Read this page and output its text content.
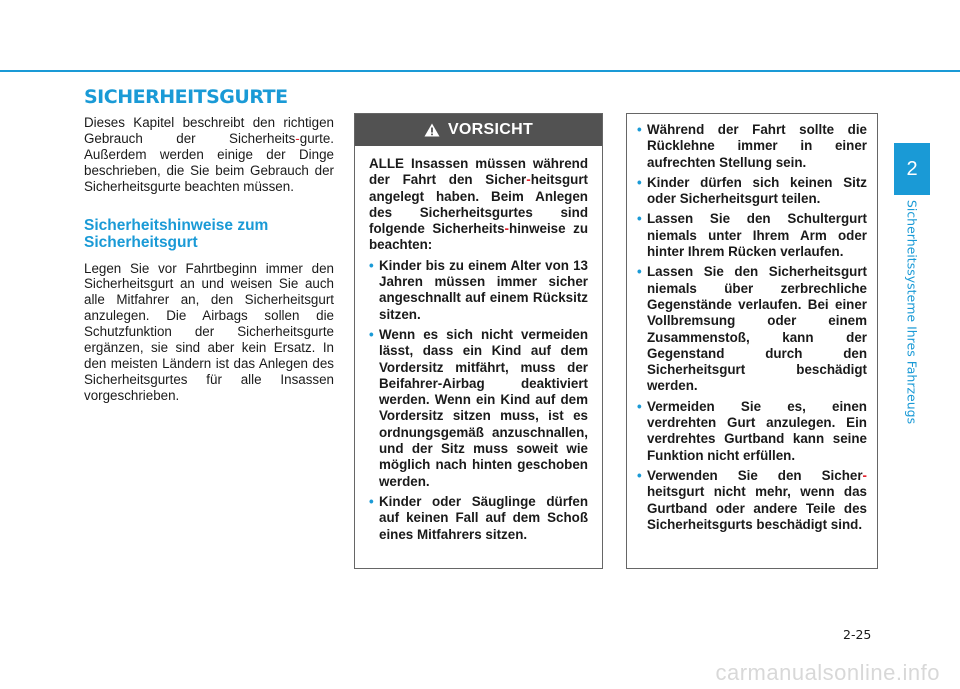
SICHERHEITSGURTE
2
Sicherheitssysteme Ihres Fahrzeugs

Dieses Kapitel beschreibt den richtigen Gebrauch der Sicherheits-gurte. Außerdem werden einige der Dinge beschrieben, die Sie beim Gebrauch der Sicherheitsgurte beachten müssen.

Sicherheitshinweise zum Sicherheitsgurt

Legen Sie vor Fahrtbeginn immer den Sicherheitsgurt an und weisen Sie auch alle Mitfahrer an, den Sicherheitsgurt anzulegen. Die Airbags sollen die Schutzfunktion der Sicherheitsgurte ergänzen, sie sind aber kein Ersatz. In den meisten Ländern ist das Anlegen des Sicherheitsgurtes für alle Insassen vorgeschrieben.

VORSICHT

ALLE Insassen müssen während der Fahrt den Sicher-heitsgurt angelegt haben. Beim Anlegen des Sicherheitsgurtes sind folgende Sicherheits-hinweise zu beachten:

• Kinder bis zu einem Alter von 13 Jahren müssen immer sicher angeschnallt auf einem Rücksitz sitzen.
• Wenn es sich nicht vermeiden lässt, dass ein Kind auf dem Vordersitz mitfährt, muss der Beifahrer-Airbag deaktiviert werden. Wenn ein Kind auf dem Vordersitz sitzen muss, ist es ordnungsgemäß anzuschnallen, und der Sitz muss soweit wie möglich nach hinten geschoben werden.
• Kinder oder Säuglinge dürfen auf keinen Fall auf dem Schoß eines Mitfahrers sitzen.
• Während der Fahrt sollte die Rücklehne immer in einer aufrechten Stellung sein.
• Kinder dürfen sich keinen Sitz oder Sicherheitsgurt teilen.
• Lassen Sie den Schultergurt niemals unter Ihrem Arm oder hinter Ihrem Rücken verlaufen.
• Lassen Sie den Sicherheitsgurt niemals über zerbrechliche Gegenstände verlaufen. Bei einer Vollbremsung oder einem Zusammenstoß, kann der Gegenstand durch den Sicherheitsgurt beschädigt werden.
• Vermeiden Sie es, einen verdrehten Gurt anzulegen. Ein verdrehtes Gurtband kann seine Funktion nicht erfüllen.
• Verwenden Sie den Sicher-heitsgurt nicht mehr, wenn das Gurtband oder andere Teile des Sicherheitsgurts beschädigt sind.
2-25
carmanualsonline.info
